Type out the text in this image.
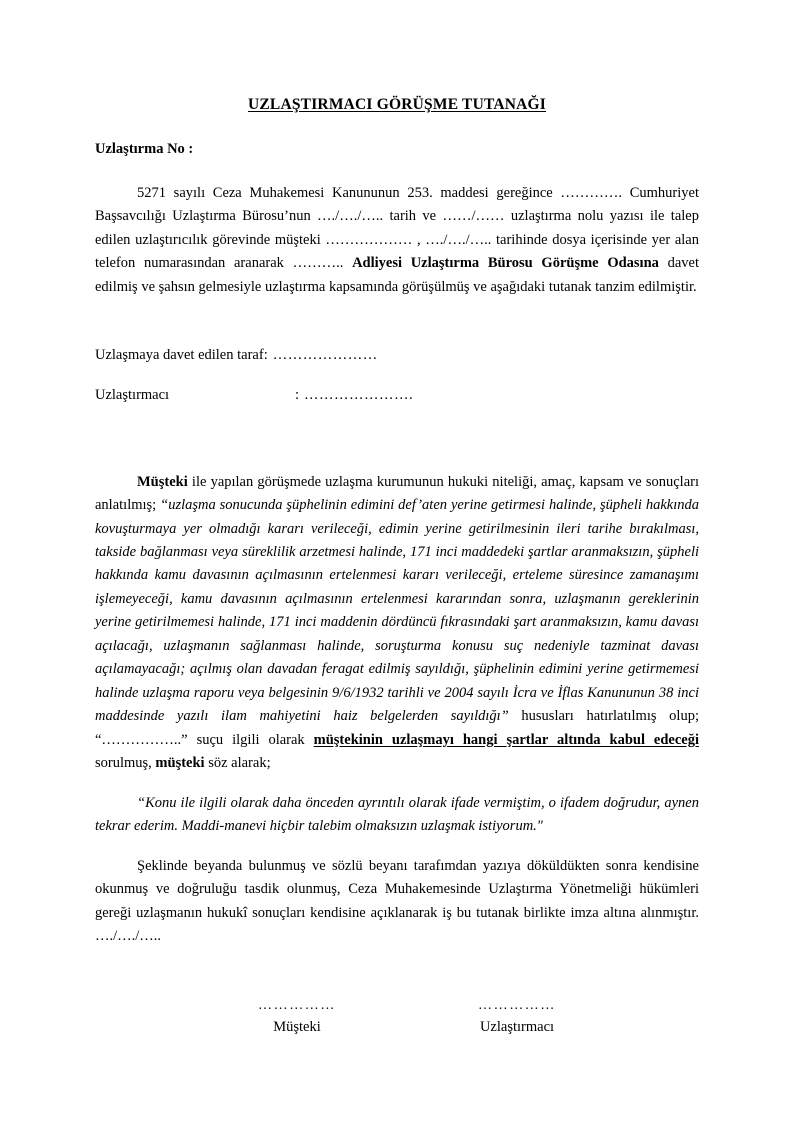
UZLAŞTIRMACI GÖRÜŞME TUTANAĞI
Uzlaştırma No :

5271 sayılı Ceza Muhakemesi Kanununun 253. maddesi gereğince …………. Cumhuriyet Başsavcılığı Uzlaştırma Bürosu’nun …./…./….. tarih ve ……/…… uzlaştırma nolu yazısı ile talep edilen uzlaştırıcılık görevinde müşteki ……………… , …./…./….. tarihinde dosya içerisinde yer alan telefon numarasından aranarak ……….. Adliyesi Uzlaştırma Bürosu Görüşme Odasına davet edilmiş ve şahsın gelmesiyle uzlaştırma kapsamında görüşülmüş ve aşağıdaki tutanak tanzim edilmiştir.

Uzlaşmaya davet edilen taraf : …………………
Uzlaştırmacı	: ………………….

Müşteki ile yapılan görüşmede uzlaşma kurumunun hukuki niteliği, amaç, kapsam ve sonuçları anlatılmış; “uzlaşma sonucunda şüphelinin edimini def’aten yerine getirmesi halinde, şüpheli hakkında kovuşturmaya yer olmadığı kararı verileceği, edimin yerine getirilmesinin ileri tarihe bırakılması, takside bağlanması veya süreklilik arzetmesi halinde, 171 inci maddedeki şartlar aranmaksızın, şüpheli hakkında kamu davasının açılmasının ertelenmesi kararı verileceği, erteleme süresince zamanaşımı işlemeyeceği, kamu davasının açılmasının ertelenmesi kararından sonra, uzlaşmanın gereklerinin yerine getirilmemesi halinde, 171 inci maddenin dördüncü fıkrasındaki şart aranmaksızın, kamu davası açılacağı, uzlaşmanın sağlanması halinde, soruşturma konusu suç nedeniyle tazminat davası açılamayacağı; açılmış olan davadan feragat edilmiş sayıldığı, şüphelinin edimini yerine getirmemesi halinde uzlaşma raporu veya belgesinin 9/6/1932 tarihli ve 2004 sayılı İcra ve İflas Kanununun 38 inci maddesinde yazılı ilam mahiyetini haiz belgelerden sayıldığı” hususları hatırlatılmış olup; “……………..” suçu ilgili olarak müştekinin uzlaşmayı hangi şartlar altında kabul edeceği sorulmuş, müşteki söz alarak;

“Konu ile ilgili olarak daha önceden ayrıntılı olarak ifade vermiştim, o ifadem doğrudur, aynen tekrar ederim. Maddi-manevi hiçbir talebim olmaksızın uzlaşmak istiyorum."

Şeklinde beyanda bulunmuş ve sözlü beyanı tarafımdan yazıya döküldükten sonra kendisine okunmuş ve doğruluğu tasdik olunmuş, Ceza Muhakemesinde Uzlaştırma Yönetmeliği hükümleri gereği uzlaşmanın hukukî sonuçları kendisine açıklanarak iş bu tutanak birlikte imza altına alınmıştır. …./…./…..

……………
Müşteki
……………
Uzlaştırmacı
